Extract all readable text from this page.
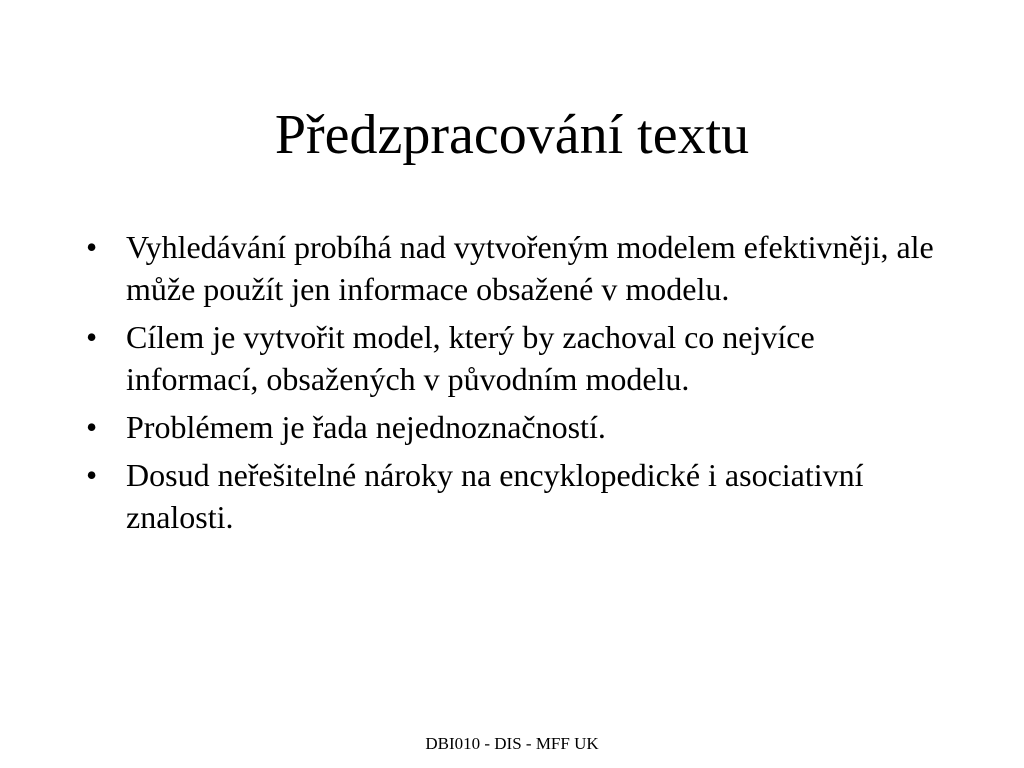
Předzpracování textu
• Vyhledávání probíhá nad vytvořeným modelem efektivněji, ale může použít jen informace obsažené v modelu.
• Cílem je vytvořit model, který by zachoval co nejvíce informací, obsažených v původním modelu.
• Problémem je řada nejednoznačností.
• Dosud neřešitelné nároky na encyklopedické i asociativní znalosti.
DBI010 - DIS - MFF UK
